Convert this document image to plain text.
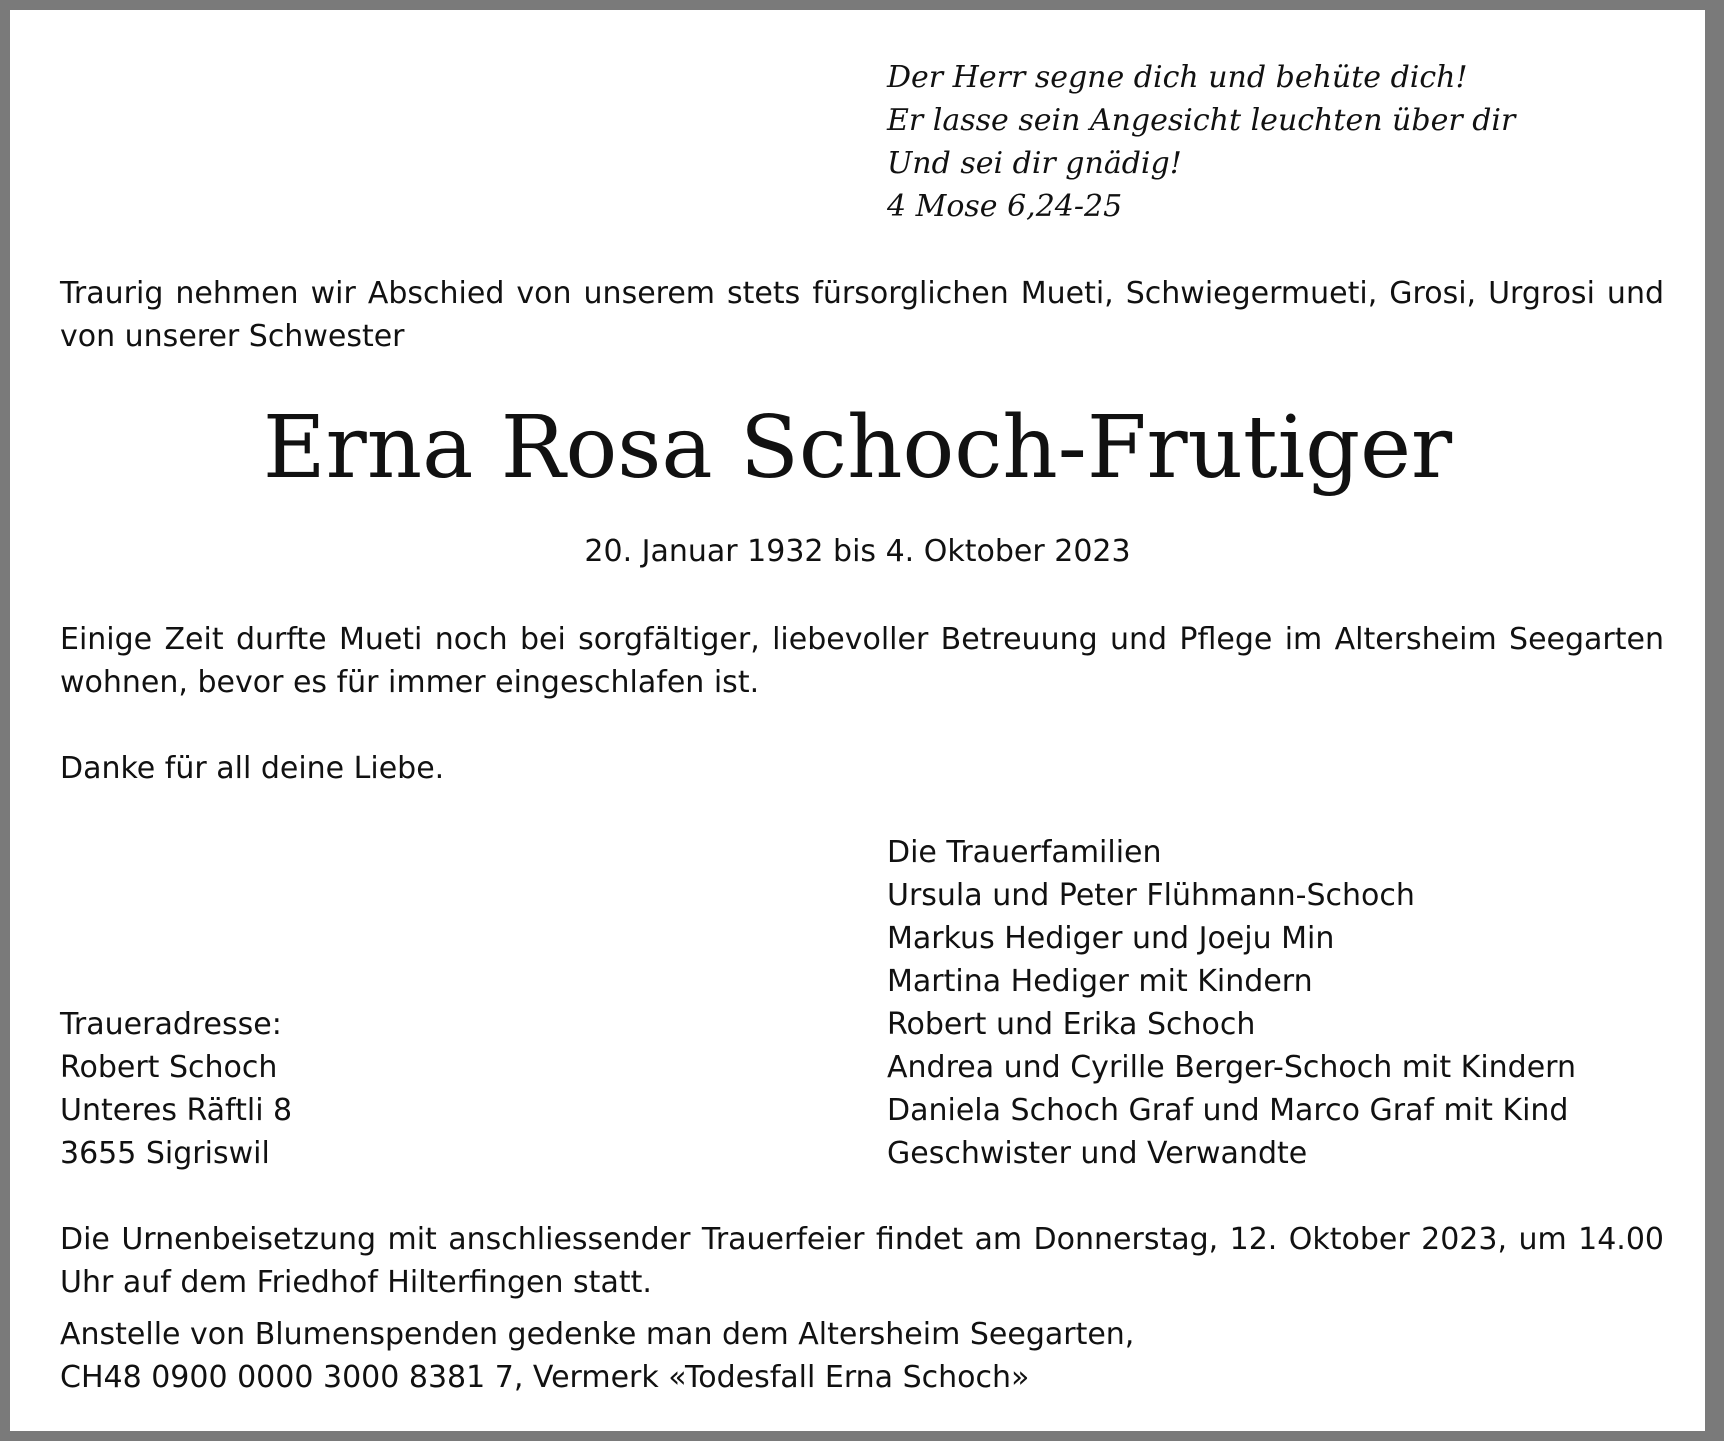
Der Herr segne dich und behüte dich!
Er lasse sein Angesicht leuchten über dir
Und sei dir gnädig!
4 Mose 6,24-25

Traurig nehmen wir Abschied von unserem stets fürsorglichen Mueti, Schwiegermueti, Grosi, Urgrosi und von unserer Schwester

Erna Rosa Schoch-Frutiger

20. Januar 1932 bis 4. Oktober 2023

Einige Zeit durfte Mueti noch bei sorgfältiger, liebevoller Betreuung und Pflege im Altersheim Seegarten wohnen, bevor es für immer eingeschlafen ist.

Danke für all deine Liebe.

Die Trauerfamilien
Ursula und Peter Flühmann-Schoch
Markus Hediger und Joeju Min
Martina Hediger mit Kindern
Robert und Erika Schoch
Andrea und Cyrille Berger-Schoch mit Kindern
Daniela Schoch Graf und Marco Graf mit Kind
Geschwister und Verwandte
Traueradresse:
Robert Schoch
Unteres Räftli 8
3655 Sigriswil

Die Urnenbeisetzung mit anschliessender Trauerfeier findet am Donnerstag, 12. Oktober 2023, um 14.00 Uhr auf dem Friedhof Hilterfingen statt.

Anstelle von Blumenspenden gedenke man dem Altersheim Seegarten,
CH48 0900 0000 3000 8381 7, Vermerk «Todesfall Erna Schoch»
